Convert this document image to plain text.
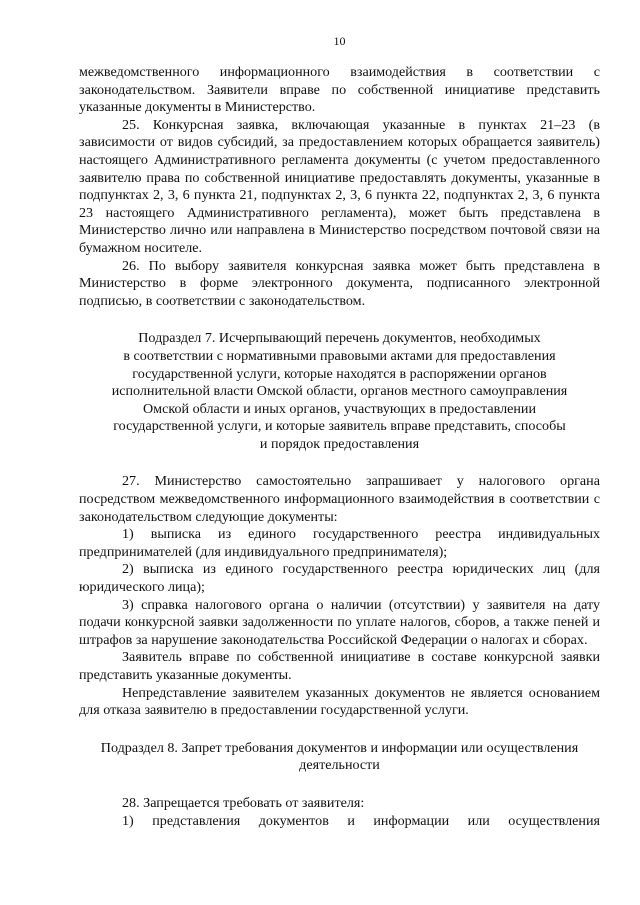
10

межведомственного информационного взаимодействия в соответствии с законодательством. Заявители вправе по собственной инициативе представить указанные документы в Министерство.

25. Конкурсная заявка, включающая указанные в пунктах 21–23 (в зависимости от видов субсидий, за предоставлением которых обращается заявитель) настоящего Административного регламента документы (с учетом предоставленного заявителю права по собственной инициативе предоставлять документы, указанные в подпунктах 2, 3, 6 пункта 21, подпунктах 2, 3, 6 пункта 22, подпунктах 2, 3, 6 пункта 23 настоящего Административного регламента), может быть представлена в Министерство лично или направлена в Министерство посредством почтовой связи на бумажном носителе.

26. По выбору заявителя конкурсная заявка может быть представлена в Министерство в форме электронного документа, подписанного электронной подписью, в соответствии с законодательством.

Подраздел 7. Исчерпывающий перечень документов, необходимых
в соответствии с нормативными правовыми актами для предоставления
государственной услуги, которые находятся в распоряжении органов
исполнительной власти Омской области, органов местного самоуправления
Омской области и иных органов, участвующих в предоставлении
государственной услуги, и которые заявитель вправе представить, способы
и порядок предоставления

27. Министерство самостоятельно запрашивает у налогового органа посредством межведомственного информационного взаимодействия в соответствии с законодательством следующие документы:

1) выписка из единого государственного реестра индивидуальных предпринимателей (для индивидуального предпринимателя);

2) выписка из единого государственного реестра юридических лиц (для юридического лица);

3) справка налогового органа о наличии (отсутствии) у заявителя на дату подачи конкурсной заявки задолженности по уплате налогов, сборов, а также пеней и штрафов за нарушение законодательства Российской Федерации о налогах и сборах.

Заявитель вправе по собственной инициативе в составе конкурсной заявки представить указанные документы.

Непредставление заявителем указанных документов не является основанием для отказа заявителю в предоставлении государственной услуги.

Подраздел 8. Запрет требования документов и информации или осуществления
деятельности

28. Запрещается требовать от заявителя:

1) представления документов и информации или осуществления
